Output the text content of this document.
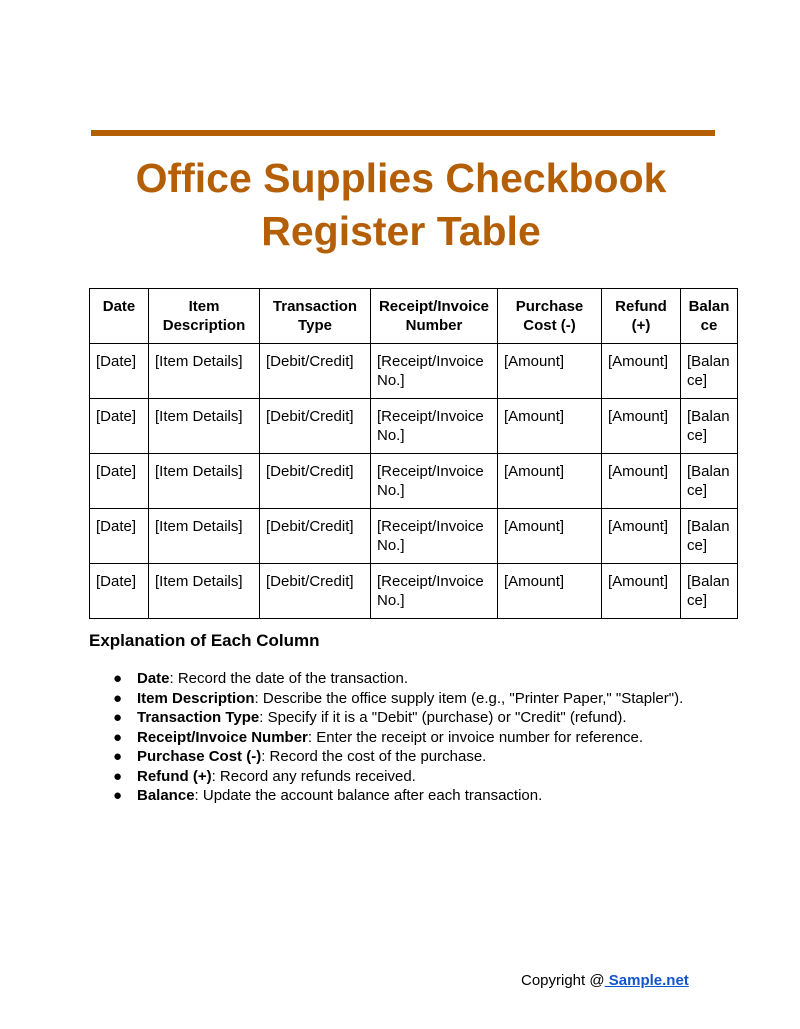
Office Supplies Checkbook Register Table
Date	Item Description	Transaction Type	Receipt/Invoice Number	Purchase Cost (-)	Refund (+)	Balance
[Date]	[Item Details]	[Debit/Credit]	[Receipt/Invoice No.]	[Amount]	[Amount]	[Balance]
[Date]	[Item Details]	[Debit/Credit]	[Receipt/Invoice No.]	[Amount]	[Amount]	[Balance]
[Date]	[Item Details]	[Debit/Credit]	[Receipt/Invoice No.]	[Amount]	[Amount]	[Balance]
[Date]	[Item Details]	[Debit/Credit]	[Receipt/Invoice No.]	[Amount]	[Amount]	[Balance]
[Date]	[Item Details]	[Debit/Credit]	[Receipt/Invoice No.]	[Amount]	[Amount]	[Balance]
Explanation of Each Column
● Date: Record the date of the transaction.
● Item Description: Describe the office supply item (e.g., "Printer Paper," "Stapler").
● Transaction Type: Specify if it is a "Debit" (purchase) or "Credit" (refund).
● Receipt/Invoice Number: Enter the receipt or invoice number for reference.
● Purchase Cost (-): Record the cost of the purchase.
● Refund (+): Record any refunds received.
● Balance: Update the account balance after each transaction.
Copyright @ Sample.net
